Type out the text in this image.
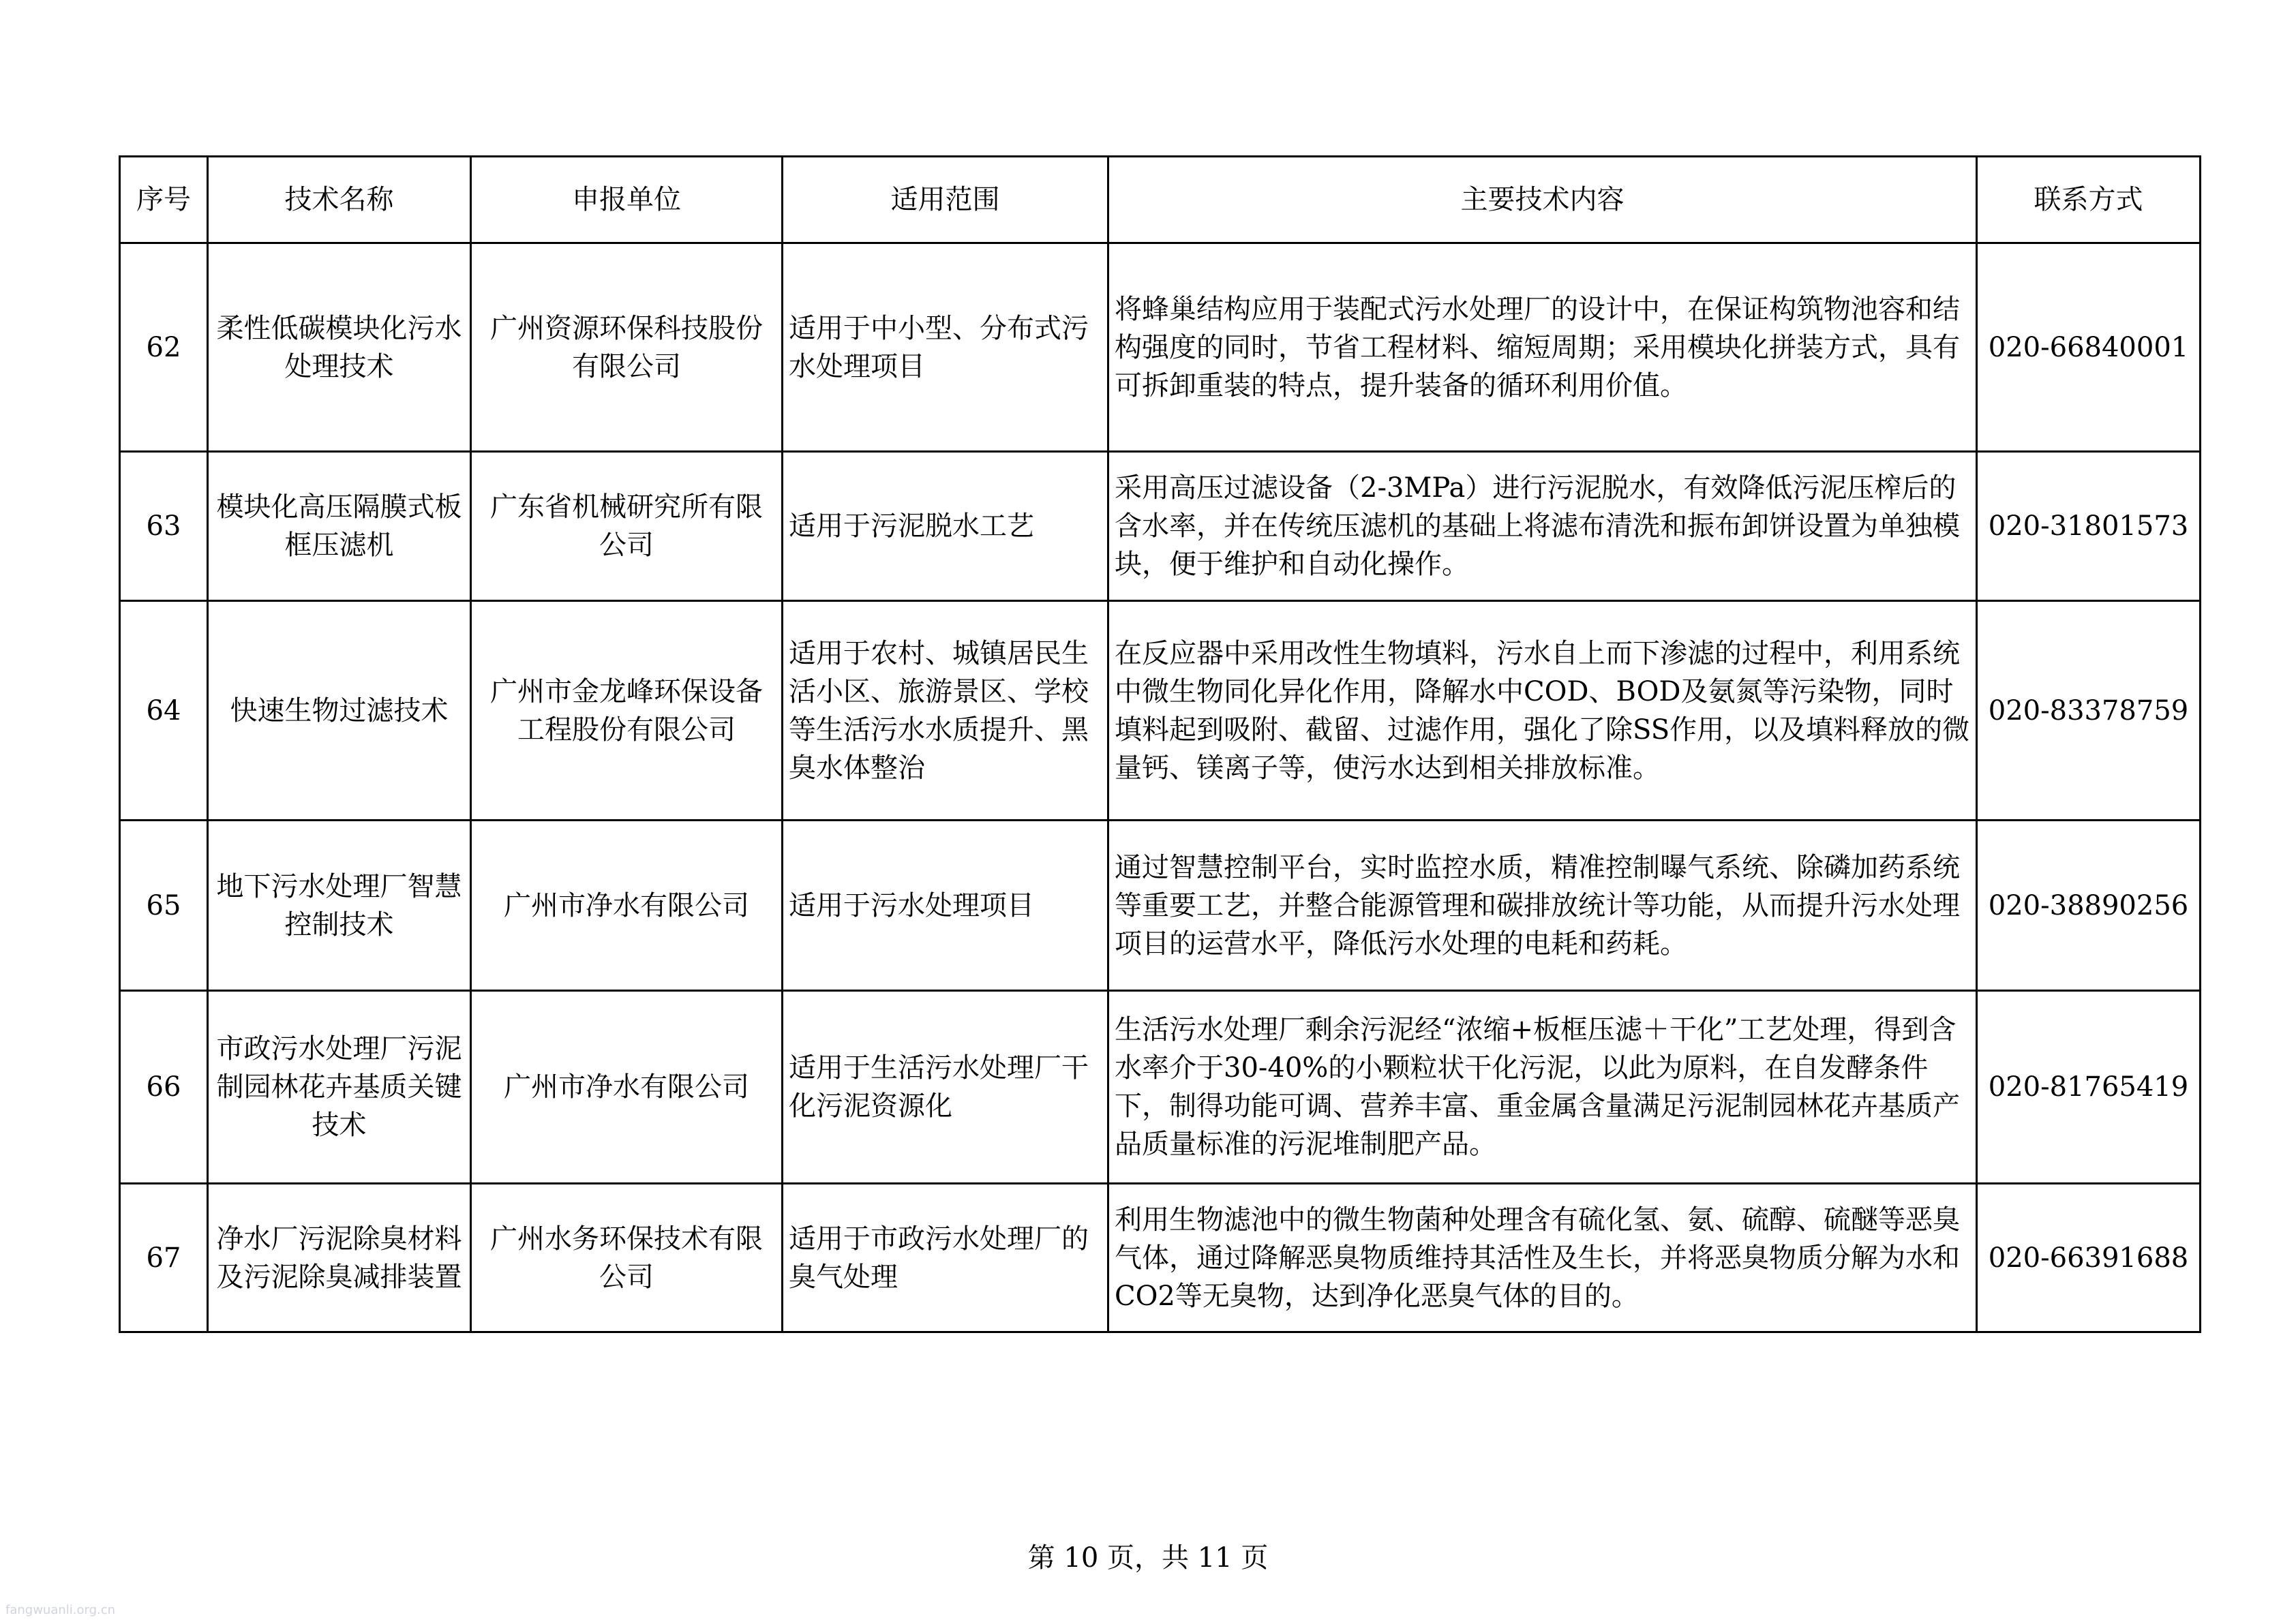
序号	技术名称	申报单位	适用范围	主要技术内容	联系方式
62	柔性低碳模块化污水处理技术	广州资源环保科技股份有限公司	适用于中小型、分布式污水处理项目	将蜂巢结构应用于装配式污水处理厂的设计中，在保证构筑物池容和结构强度的同时，节省工程材料、缩短周期；采用模块化拼装方式，具有可拆卸重装的特点，提升装备的循环利用价值。	020-66840001
63	模块化高压隔膜式板框压滤机	广东省机械研究所有限公司	适用于污泥脱水工艺	采用高压过滤设备（2-3MPa）进行污泥脱水，有效降低污泥压榨后的含水率，并在传统压滤机的基础上将滤布清洗和振布卸饼设置为单独模块，便于维护和自动化操作。	020-31801573
64	快速生物过滤技术	广州市金龙峰环保设备工程股份有限公司	适用于农村、城镇居民生活小区、旅游景区、学校等生活污水水质提升、黑臭水体整治	在反应器中采用改性生物填料，污水自上而下渗滤的过程中，利用系统中微生物同化异化作用，降解水中COD、BOD及氨氮等污染物，同时填料起到吸附、截留、过滤作用，强化了除SS作用，以及填料释放的微量钙、镁离子等，使污水达到相关排放标准。	020-83378759
65	地下污水处理厂智慧控制技术	广州市净水有限公司	适用于污水处理项目	通过智慧控制平台，实时监控水质，精准控制曝气系统、除磷加药系统等重要工艺，并整合能源管理和碳排放统计等功能，从而提升污水处理项目的运营水平，降低污水处理的电耗和药耗。	020-38890256
66	市政污水处理厂污泥制园林花卉基质关键技术	广州市净水有限公司	适用于生活污水处理厂干化污泥资源化	生活污水处理厂剩余污泥经“浓缩+板框压滤＋干化”工艺处理，得到含水率介于30-40%的小颗粒状干化污泥，以此为原料，在自发酵条件下，制得功能可调、营养丰富、重金属含量满足污泥制园林花卉基质产品质量标准的污泥堆制肥产品。	020-81765419
67	净水厂污泥除臭材料及污泥除臭减排装置	广州水务环保技术有限公司	适用于市政污水处理厂的臭气处理	利用生物滤池中的微生物菌种处理含有硫化氢、氨、硫醇、硫醚等恶臭气体，通过降解恶臭物质维持其活性及生长，并将恶臭物质分解为水和CO2等无臭物，达到净化恶臭气体的目的。	020-66391688
第 10 页，共 11 页
fangwuanli.org.cn
